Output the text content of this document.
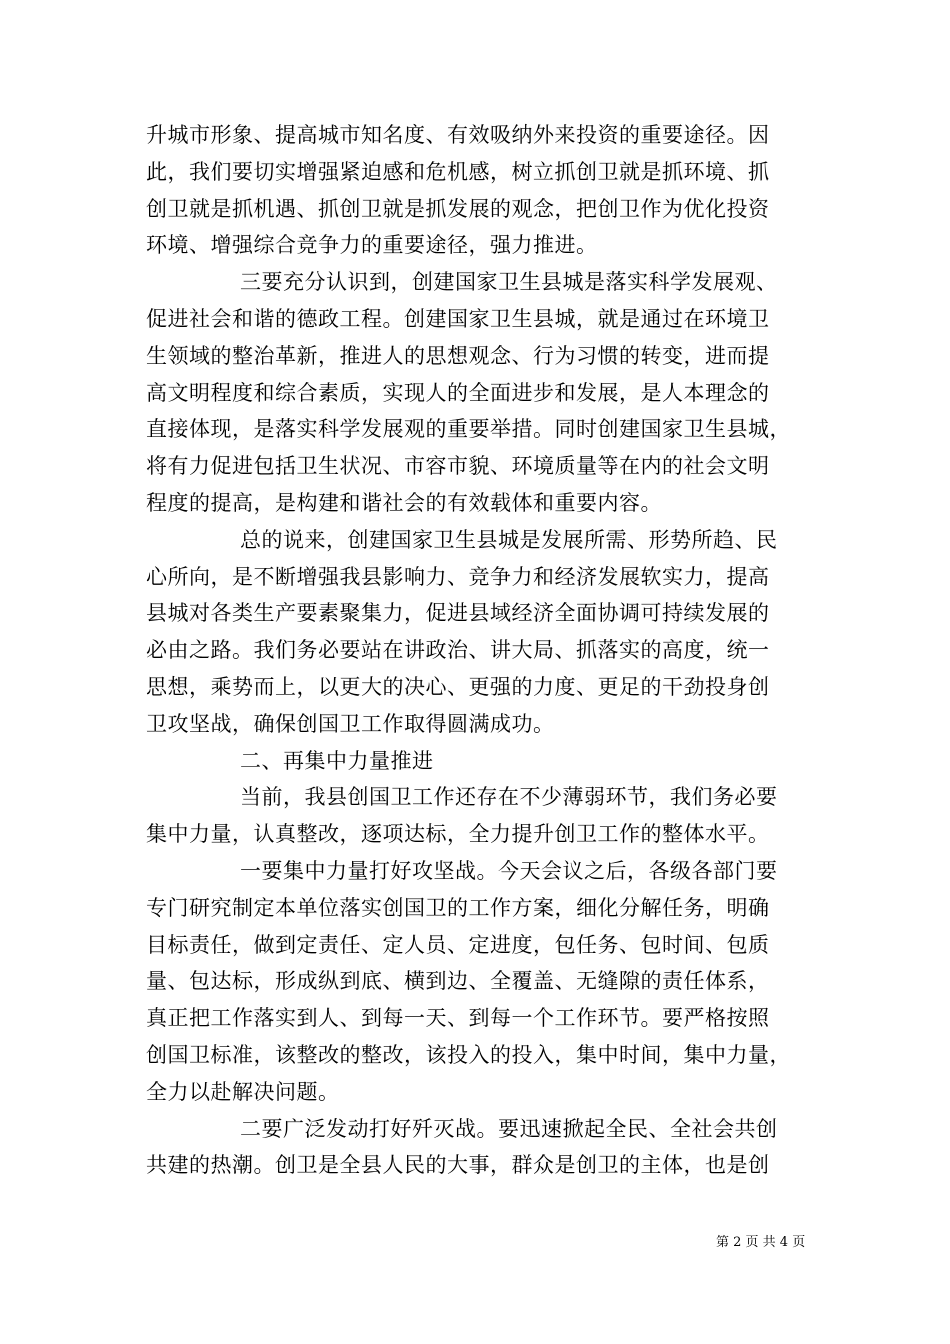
升城市形象、提高城市知名度、有效吸纳外来投资的重要途径。因
此，我们要切实增强紧迫感和危机感，树立抓创卫就是抓环境、抓
创卫就是抓机遇、抓创卫就是抓发展的观念，把创卫作为优化投资
环境、增强综合竞争力的重要途径，强力推进。
三要充分认识到，创建国家卫生县城是落实科学发展观、
促进社会和谐的德政工程。创建国家卫生县城，就是通过在环境卫
生领域的整治革新，推进人的思想观念、行为习惯的转变，进而提
高文明程度和综合素质，实现人的全面进步和发展，是人本理念的
直接体现，是落实科学发展观的重要举措。同时创建国家卫生县城，
将有力促进包括卫生状况、市容市貌、环境质量等在内的社会文明
程度的提高，是构建和谐社会的有效载体和重要内容。
总的说来，创建国家卫生县城是发展所需、形势所趋、民
心所向，是不断增强我县影响力、竞争力和经济发展软实力，提高
县城对各类生产要素聚集力，促进县域经济全面协调可持续发展的
必由之路。我们务必要站在讲政治、讲大局、抓落实的高度，统一
思想，乘势而上，以更大的决心、更强的力度、更足的干劲投身创
卫攻坚战，确保创国卫工作取得圆满成功。
二、再集中力量推进
当前，我县创国卫工作还存在不少薄弱环节，我们务必要
集中力量，认真整改，逐项达标，全力提升创卫工作的整体水平。
一要集中力量打好攻坚战。今天会议之后，各级各部门要
专门研究制定本单位落实创国卫的工作方案，细化分解任务，明确
目标责任，做到定责任、定人员、定进度，包任务、包时间、包质
量、包达标，形成纵到底、横到边、全覆盖、无缝隙的责任体系，
真正把工作落实到人、到每一天、到每一个工作环节。要严格按照
创国卫标准，该整改的整改，该投入的投入，集中时间，集中力量，
全力以赴解决问题。
二要广泛发动打好歼灭战。要迅速掀起全民、全社会共创
共建的热潮。创卫是全县人民的大事，群众是创卫的主体，也是创
第 2 页 共 4 页
